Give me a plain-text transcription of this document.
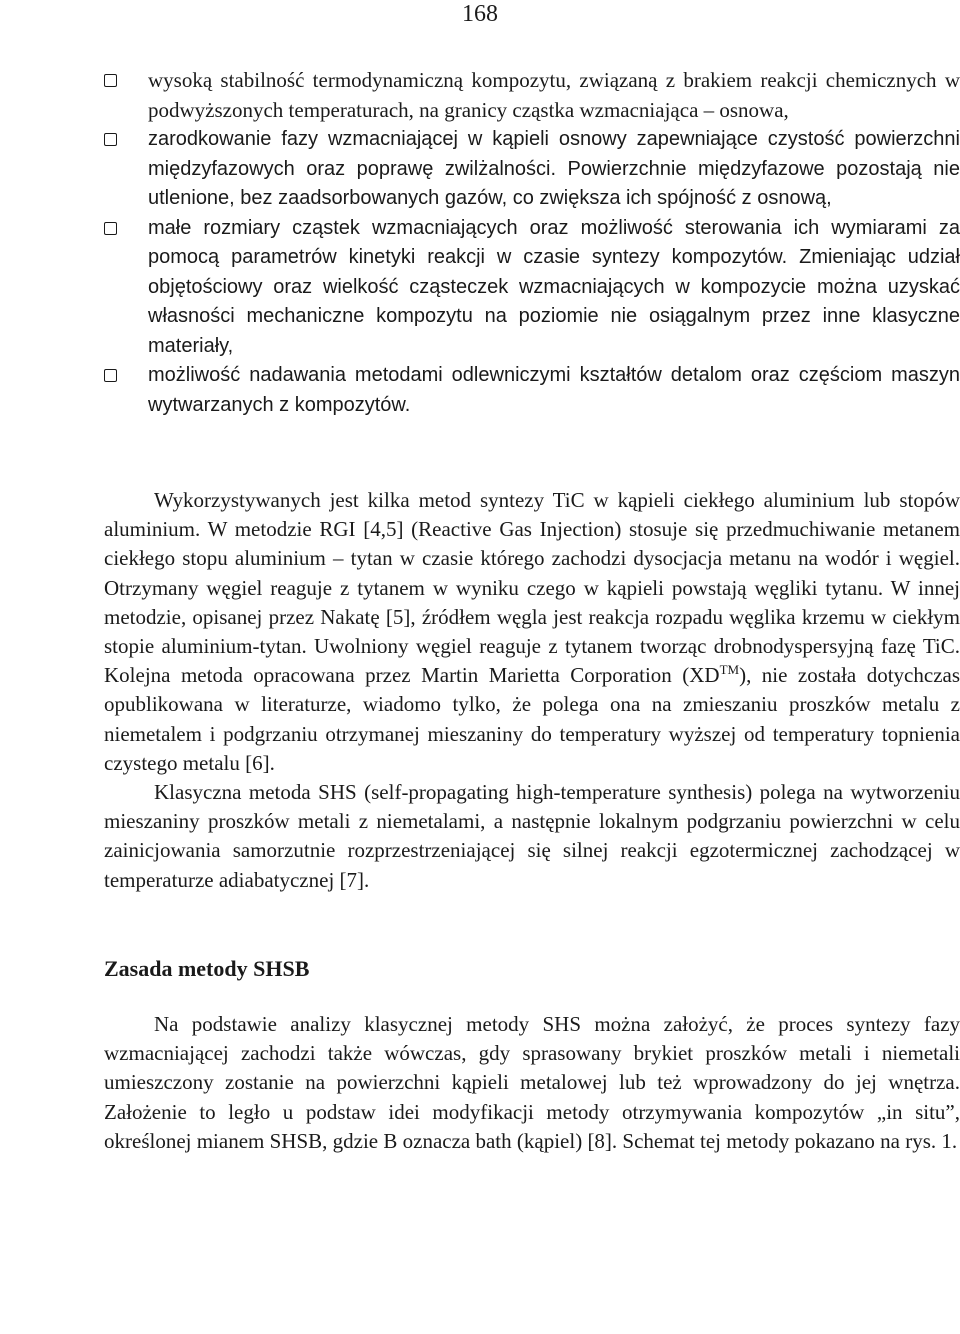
168
wysoką stabilność termodynamiczną kompozytu, związaną z brakiem reakcji chemicznych w podwyższonych temperaturach, na granicy cząstka wzmacniająca – osnowa,
zarodkowanie fazy wzmacniającej w kąpieli osnowy zapewniające czystość powierzchni międzyfazowych oraz poprawę zwilżalności. Powierzchnie międzyfazowe pozostają nie utlenione, bez zaadsorbowanych gazów, co zwiększa ich spójność z osnową,
małe rozmiary cząstek wzmacniających oraz możliwość sterowania ich wymiarami za pomocą parametrów kinetyki reakcji w czasie syntezy kompozytów. Zmieniając udział objętościowy oraz wielkość cząsteczek wzmacniających w kompozycie można uzyskać własności mechaniczne kompozytu na poziomie nie osiągalnym przez inne klasyczne materiały,
możliwość nadawania metodami odlewniczymi kształtów detalom oraz częściom maszyn wytwarzanych z kompozytów.

Wykorzystywanych jest kilka metod syntezy TiC w kąpieli ciekłego aluminium lub stopów aluminium. W metodzie RGI [4,5] (Reactive Gas Injection) stosuje się przedmuchiwanie metanem ciekłego stopu aluminium – tytan w czasie którego zachodzi dysocjacja metanu na wodór i węgiel. Otrzymany węgiel reaguje z tytanem w wyniku czego w kąpieli powstają węgliki tytanu. W innej metodzie, opisanej przez Nakatę [5], źródłem węgla jest reakcja rozpadu węglika krzemu w ciekłym stopie aluminium-tytan. Uwolniony węgiel reaguje z tytanem tworząc drobnodyspersyjną fazę TiC. Kolejna metoda opracowana przez Martin Marietta Corporation (XD™), nie została dotychczas opublikowana w literaturze, wiadomo tylko, że polega ona na zmieszaniu proszków metalu z niemetalem i podgrzaniu otrzymanej mieszaniny do temperatury wyższej od temperatury topnienia czystego metalu [6].

Klasyczna metoda SHS (self-propagating high-temperature synthesis) polega na wytworzeniu mieszaniny proszków metali z niemetalami, a następnie lokalnym podgrzaniu powierzchni w celu zainicjowania samorzutnie rozprzestrzeniającej się silnej reakcji egzotermicznej zachodzącej w temperaturze adiabatycznej [7].

Zasada metody SHSB

Na podstawie analizy klasycznej metody SHS można założyć, że proces syntezy fazy wzmacniającej zachodzi także wówczas, gdy sprasowany brykiet proszków metali i niemetali umieszczony zostanie na powierzchni kąpieli metalowej lub też wprowadzony do jej wnętrza. Założenie to legło u podstaw idei modyfikacji metody otrzymywania kompozytów „in situ”, określonej mianem SHSB, gdzie B oznacza bath (kąpiel) [8]. Schemat tej metody pokazano na rys. 1.
